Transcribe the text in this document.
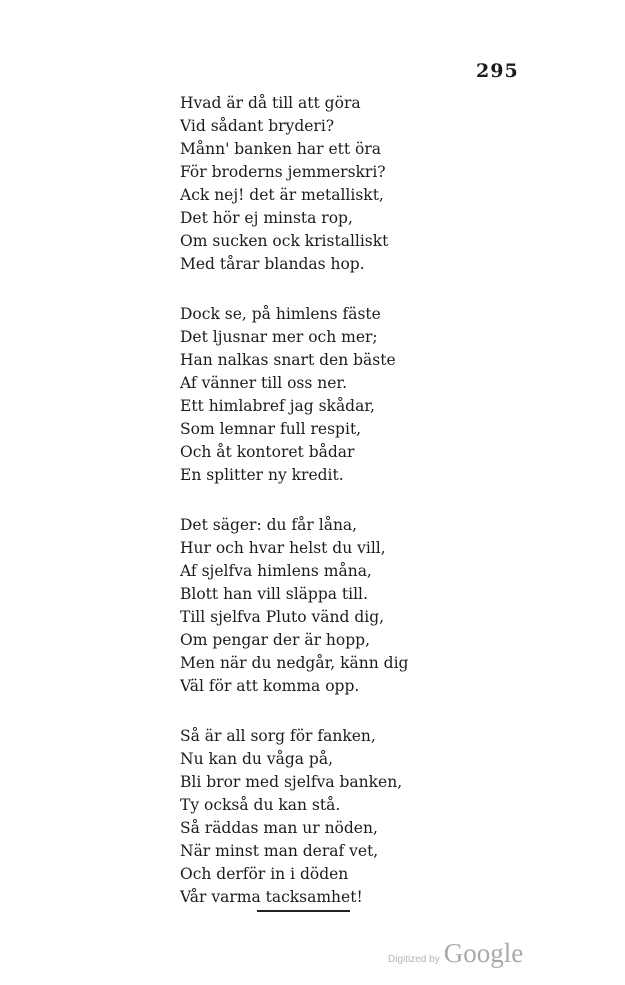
295
Hvad är då till att göra
Vid sådant bryderi?
Månn' banken har ett öra
För broderns jemmerskri?
Ack nej! det är metalliskt,
Det hör ej minsta rop,
Om sucken ock kristalliskt
Med tårar blandas hop.
Dock se, på himlens fäste
Det ljusnar mer och mer;
Han nalkas snart den bäste
Af vänner till oss ner.
Ett himlabref jag skådar,
Som lemnar full respit,
Och åt kontoret bådar
En splitter ny kredit.
Det säger: du får låna,
Hur och hvar helst du vill,
Af sjelfva himlens måna,
Blott han vill släppa till.
Till sjelfva Pluto vänd dig,
Om pengar der är hopp,
Men när du nedgår, känn dig
Väl för att komma opp.
Så är all sorg för fanken,
Nu kan du våga på,
Bli bror med sjelfva banken,
Ty också du kan stå.
Så räddas man ur nöden,
När minst man deraf vet,
Och derför in i döden
Vår varma tacksamhet!
Digitized by Google
